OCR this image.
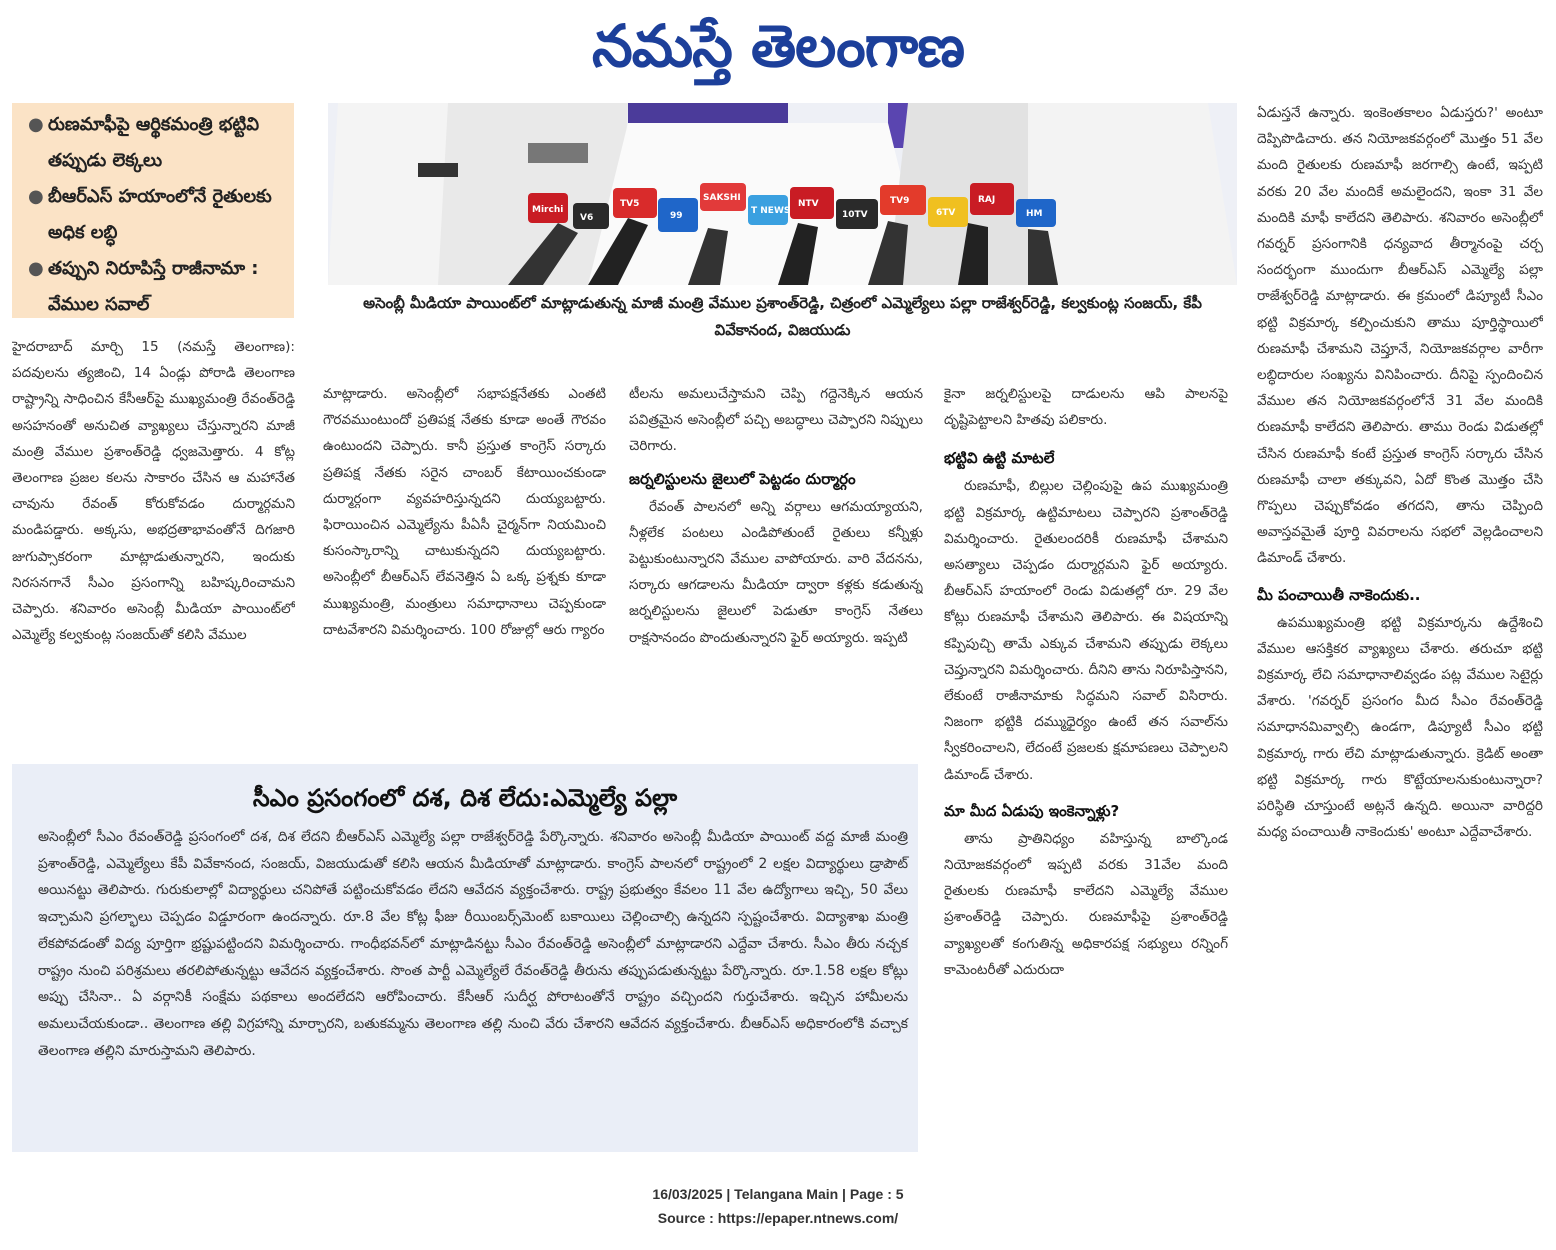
నమస్తే తెలంగాణ
● రుణమాఫీపై ఆర్థికమంత్రి భట్టివి తప్పుడు లెక్కలు
● బీఆర్ఎస్ హయాంలోనే రైతులకు అధిక లబ్ధి
● తప్పుని నిరూపిస్తే రాజీనామా : వేముల సవాల్
Mirchi
V6
TV5
99
SAKSHI
T NEWS
NTV
10TV
TV9
6TV
RAJ
HM
అసెంబ్లీ మీడియా పాయింట్‌లో మాట్లాడుతున్న మాజీ మంత్రి వేముల ప్రశాంత్‌రెడ్డి, చిత్రంలో ఎమ్మెల్యేలు పల్లా రాజేశ్వర్‌రెడ్డి, కల్వకుంట్ల సంజయ్, కేపీ వివేకానంద, విజయుడు
హైదరాబాద్ మార్చి 15 (నమస్తే తెలంగాణ): పదవులను త్యజించి, 14 ఏండ్లు పోరాడి తెలంగాణ రాష్ట్రాన్ని సాధించిన కేసీఆర్‌పై ముఖ్యమంత్రి రేవంత్‌రెడ్డి అసహనంతో అనుచిత వ్యాఖ్యలు చేస్తున్నారని మాజీ మంత్రి వేముల ప్రశాంత్‌రెడ్డి ధ్వజమెత్తారు. 4 కోట్ల తెలంగాణ ప్రజల కలను సాకారం చేసిన ఆ మహానేత చావును రేవంత్ కోరుకోవడం దుర్మార్గమని మండిపడ్డారు. అక్కసు, అభద్రతాభావంతోనే దిగజారి జుగుప్సాకరంగా మాట్లాడుతున్నారని, ఇందుకు నిరసనగానే సీఎం ప్రసంగాన్ని బహిష్కరించామని చెప్పారు. శనివారం అసెంబ్లీ మీడియా పాయింట్‌లో ఎమ్మెల్యే కల్వకుంట్ల సంజయ్‌తో కలిసి వేముల
మాట్లాడారు. అసెంబ్లీలో సభాపక్షనేతకు ఎంతటి గౌరవముంటుందో ప్రతిపక్ష నేతకు కూడా అంతే గౌరవం ఉంటుందని చెప్పారు. కానీ ప్రస్తుత కాంగ్రెస్ సర్కారు ప్రతిపక్ష నేతకు సరైన చాంబర్ కేటాయించకుండా దుర్మార్గంగా వ్యవహరిస్తున్నదని దుయ్యబట్టారు. ఫిరాయించిన ఎమ్మెల్యేను పీఏసీ చైర్మన్‌గా నియమించి కుసంస్కారాన్ని చాటుకున్నదని దుయ్యబట్టారు. అసెంబ్లీలో బీఆర్ఎస్ లేవనెత్తిన ఏ ఒక్క ప్రశ్నకు కూడా ముఖ్యమంత్రి, మంత్రులు సమాధానాలు చెప్పకుండా దాటవేశారని విమర్శించారు. 100 రోజుల్లో ఆరు గ్యారం
టీలను అమలుచేస్తామని చెప్పి గద్దెనెక్కిన ఆయన పవిత్రమైన అసెంబ్లీలో పచ్చి అబద్ధాలు చెప్పారని నిప్పులు చెరిగారు.
జర్నలిస్టులను జైలులో పెట్టడం దుర్మార్గం
రేవంత్ పాలనలో అన్ని వర్గాలు ఆగమయ్యాయని, నీళ్లలేక పంటలు ఎండిపోతుంటే రైతులు కన్నీళ్లు పెట్టుకుంటున్నారని వేముల వాపోయారు. వారి వేదనను, సర్కారు ఆగడాలను మీడియా ద్వారా కళ్లకు కడుతున్న జర్నలిస్టులను జైలులో పెడుతూ కాంగ్రెస్ నేతలు రాక్షసానందం పొందుతున్నారని ఫైర్ అయ్యారు. ఇప్పటి
కైనా జర్నలిస్టులపై దాడులను ఆపి పాలనపై దృష్టిపెట్టాలని హితవు పలికారు.
భట్టివి ఉట్టి మాటలే
రుణమాఫీ, బిల్లుల చెల్లింపుపై ఉప ముఖ్యమంత్రి భట్టి విక్రమార్క ఉట్టిమాటలు చెప్పారని ప్రశాంత్‌రెడ్డి విమర్శించారు. రైతులందరికీ రుణమాఫీ చేశామని అసత్యాలు చెప్పడం దుర్మార్గమని ఫైర్ అయ్యారు. బీఆర్ఎస్ హయాంలో రెండు విడుతల్లో రూ. 29 వేల కోట్లు రుణమాఫీ చేశామని తెలిపారు. ఈ విషయాన్ని కప్పిపుచ్చి తామే ఎక్కువ చేశామని తప్పుడు లెక్కలు చెప్తున్నారని విమర్శించారు. దీనిని తాను నిరూపిస్తానని, లేకుంటే రాజీనామాకు సిద్ధమని సవాల్ విసిరారు. నిజంగా భట్టికి దమ్ముధైర్యం ఉంటే తన సవాల్‌ను స్వీకరించాలని, లేదంటే ప్రజలకు క్షమాపణలు చెప్పాలని డిమాండ్ చేశారు.
మా మీద ఏడుపు ఇంకెన్నాళ్లు?
తాను ప్రాతినిధ్యం వహిస్తున్న బాల్కొండ నియోజకవర్గంలో ఇప్పటి వరకు 31వేల మంది రైతులకు రుణమాఫీ కాలేదని ఎమ్మెల్యే వేముల ప్రశాంత్‌రెడ్డి చెప్పారు. రుణమాఫీపై ప్రశాంత్‌రెడ్డి వ్యాఖ్యలతో కంగుతిన్న అధికారపక్ష సభ్యులు రన్నింగ్ కామెంటరీతో ఎదురుదా
ఏడుస్తనే ఉన్నారు. ఇంకెంతకాలం ఏడుస్తరు?' అంటూ దెప్పిపొడిచారు. తన నియోజకవర్గంలో మొత్తం 51 వేల మంది రైతులకు రుణమాఫీ జరగాల్సి ఉంటే, ఇప్పటి వరకు 20 వేల మందికే అమలైందని, ఇంకా 31 వేల మందికి మాఫీ కాలేదని తెలిపారు. శనివారం అసెంబ్లీలో గవర్నర్ ప్రసంగానికి ధన్యవాద తీర్మానంపై చర్చ సందర్భంగా ముందుగా బీఆర్ఎస్ ఎమ్మెల్యే పల్లా రాజేశ్వర్‌రెడ్డి మాట్లాడారు. ఈ క్రమంలో డిప్యూటీ సీఎం భట్టి విక్రమార్క కల్పించుకుని తాము పూర్తిస్థాయిలో రుణమాఫీ చేశామని చెప్తూనే, నియోజకవర్గాల వారీగా లబ్ధిదారుల సంఖ్యను వినిపించారు. దీనిపై స్పందించిన వేముల తన నియోజకవర్గంలోనే 31 వేల మందికి రుణమాఫీ కాలేదని తెలిపారు. తాము రెండు విడుతల్లో చేసిన రుణమాఫీ కంటే ప్రస్తుత కాంగ్రెస్ సర్కారు చేసిన రుణమాఫీ చాలా తక్కువని, ఏదో కొంత మొత్తం చేసి గొప్పలు చెప్పుకోవడం తగదని, తాను చెప్పింది అవాస్తవమైతే పూర్తి వివరాలను సభలో వెల్లడించాలని డిమాండ్ చేశారు.
మీ పంచాయితీ నాకెందుకు..
ఉపముఖ్యమంత్రి భట్టి విక్రమార్కను ఉద్దేశించి వేముల ఆసక్తికర వ్యాఖ్యలు చేశారు. తరుచూ భట్టి విక్రమార్క లేచి సమాధానాలివ్వడం పట్ల వేముల సెటైర్లు వేశారు. 'గవర్నర్ ప్రసంగం మీద సీఎం రేవంత్‌రెడ్డి సమాధానమివ్వాల్సి ఉండగా, డిప్యూటీ సీఎం భట్టి విక్రమార్క గారు లేచి మాట్లాడుతున్నారు. క్రెడిట్ అంతా భట్టి విక్రమార్క గారు కొట్టేయాలనుకుంటున్నారా? పరిస్థితి చూస్తుంటే అట్లనే ఉన్నది. అయినా వారిద్దరి మధ్య పంచాయితీ నాకెందుకు' అంటూ ఎద్దేవాచేశారు.
సీఎం ప్రసంగంలో దశ, దిశ లేదు:ఎమ్మెల్యే పల్లా
అసెంబ్లీలో సీఎం రేవంత్‌రెడ్డి ప్రసంగంలో దశ, దిశ లేదని బీఆర్ఎస్ ఎమ్మెల్యే పల్లా రాజేశ్వర్‌రెడ్డి పేర్కొన్నారు. శనివారం అసెంబ్లీ మీడియా పాయింట్ వద్ద మాజీ మంత్రి ప్రశాంత్‌రెడ్డి, ఎమ్మెల్యేలు కేపీ వివేకానంద, సంజయ్, విజయుడుతో కలిసి ఆయన మీడియాతో మాట్లాడారు. కాంగ్రెస్ పాలనలో రాష్ట్రంలో 2 లక్షల విద్యార్థులు డ్రాపౌట్ అయినట్టు తెలిపారు. గురుకులాల్లో విద్యార్థులు చనిపోతే పట్టించుకోవడం లేదని ఆవేదన వ్యక్తంచేశారు. రాష్ట్ర ప్రభుత్వం కేవలం 11 వేల ఉద్యోగాలు ఇచ్చి, 50 వేలు ఇచ్చామని ప్రగల్భాలు చెప్పడం విడ్డూరంగా ఉందన్నారు. రూ.8 వేల కోట్ల ఫీజు రీయింబర్స్‌మెంట్ బకాయిలు చెల్లించాల్సి ఉన్నదని స్పష్టంచేశారు. విద్యాశాఖ మంత్రి లేకపోవడంతో విద్య పూర్తిగా భ్రష్టుపట్టిందని విమర్శించారు. గాంధీభవన్‌లో మాట్లాడినట్టు సీఎం రేవంత్‌రెడ్డి అసెంబ్లీలో మాట్లాడారని ఎద్దేవా చేశారు. సీఎం తీరు నచ్చక రాష్ట్రం నుంచి పరిశ్రమలు తరలిపోతున్నట్టు ఆవేదన వ్యక్తంచేశారు. సొంత పార్టీ ఎమ్మెల్యేలే రేవంత్‌రెడ్డి తీరును తప్పుపడుతున్నట్టు పేర్కొన్నారు. రూ.1.58 లక్షల కోట్లు అప్పు చేసినా.. ఏ వర్గానికీ సంక్షేమ పథకాలు అందలేదని ఆరోపించారు. కేసీఆర్ సుదీర్ఘ పోరాటంతోనే రాష్ట్రం వచ్చిందని గుర్తుచేశారు. ఇచ్చిన హామీలను అమలుచేయకుండా.. తెలంగాణ తల్లి విగ్రహాన్ని మార్చారని, బతుకమ్మను తెలంగాణ తల్లి నుంచి వేరు చేశారని ఆవేదన వ్యక్తంచేశారు. బీఆర్ఎస్ అధికారంలోకి వచ్చాక తెలంగాణ తల్లిని మారుస్తామని తెలిపారు.
16/03/2025 | Telangana Main | Page : 5
Source : https://epaper.ntnews.com/
